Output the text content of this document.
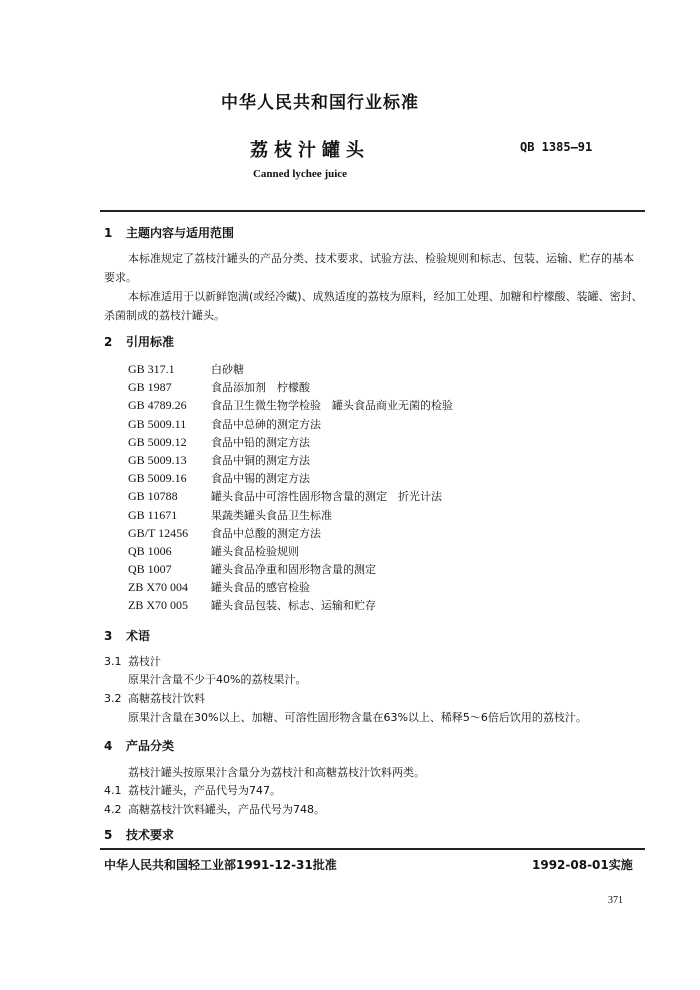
中华人民共和国行业标准
荔枝汁罐头	QB 1385—91
Canned lychee juice
1 主题内容与适用范围
本标准规定了荔枝汁罐头的产品分类、技术要求、试验方法、检验规则和标志、包装、运输、贮存的基本要求。
本标准适用于以新鲜饱满(或经冷藏)、成熟适度的荔枝为原料，经加工处理、加糖和柠檬酸、装罐、密封、杀菌制成的荔枝汁罐头。
2 引用标准
GB 317.1　	白砂糖
GB 1987　	食品添加剂　柠檬酸
GB 4789.26　 食品卫生微生物学检验　罐头食品商业无菌的检验
GB 5009.11　 食品中总砷的测定方法
GB 5009.12　 食品中铅的测定方法
GB 5009.13　 食品中铜的测定方法
GB 5009.16　 食品中锡的测定方法
GB 10788　	罐头食品中可溶性固形物含量的测定　折光计法
GB 11671　	果蔬类罐头食品卫生标准
GB/T 12456　 食品中总酸的测定方法
QB 1006　	罐头食品检验规则
QB 1007　	罐头食品净重和固形物含量的测定
ZB X70 004　 罐头食品的感官检验
ZB X70 005　 罐头食品包装、标志、运输和贮存
3 术语
3.1 荔枝汁
原果汁含量不少于40%的荔枝果汁。
3.2 高糖荔枝汁饮料
原果汁含量在30%以上、加糖、可溶性固形物含量在63%以上、稀释5～6倍后饮用的荔枝汁。
4 产品分类
荔枝汁罐头按原果汁含量分为荔枝汁和高糖荔枝汁饮料两类。
4.1 荔枝汁罐头，产品代号为747。
4.2 高糖荔枝汁饮料罐头，产品代号为748。
5 技术要求
中华人民共和国轻工业部1991-12-31批准	1992-08-01实施
371
